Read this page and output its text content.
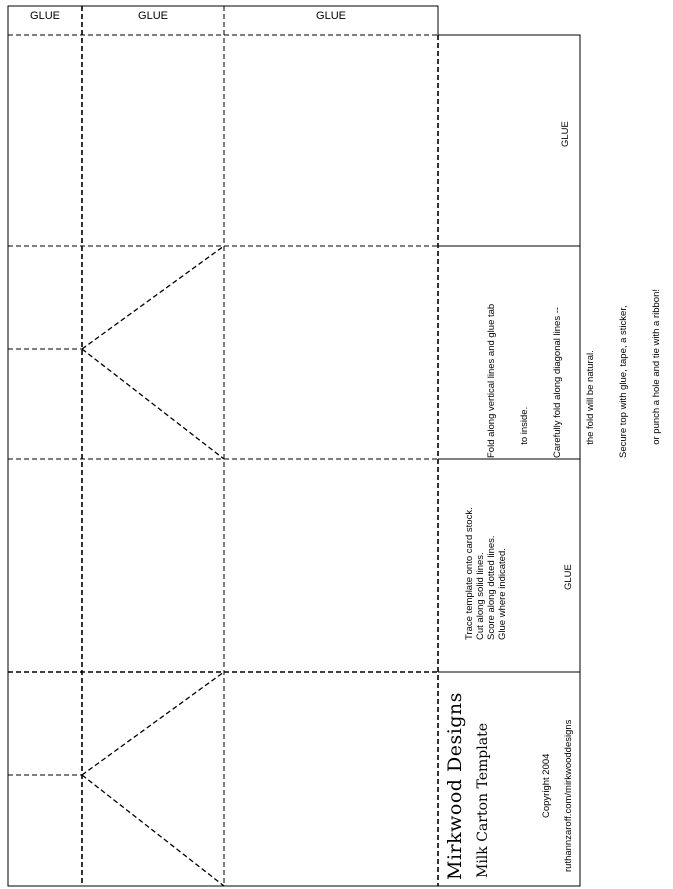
GLUE	GLUE	GLUE
GLUE

Fold along vertical lines and glue tab

to inside.

Carefully fold along diagonal lines --

the fold will be natural.

Secure top with glue, tape, a sticker,

or punch a hole and tie with a ribbon!

Trace template onto card stock. Cut along solid lines. Score along dotted lines. Glue where indicated.	GLUE
Mirkwood Designs Milk Carton Template	Copyright 2004 ruthannzaroff.com/mirkwooddesigns
